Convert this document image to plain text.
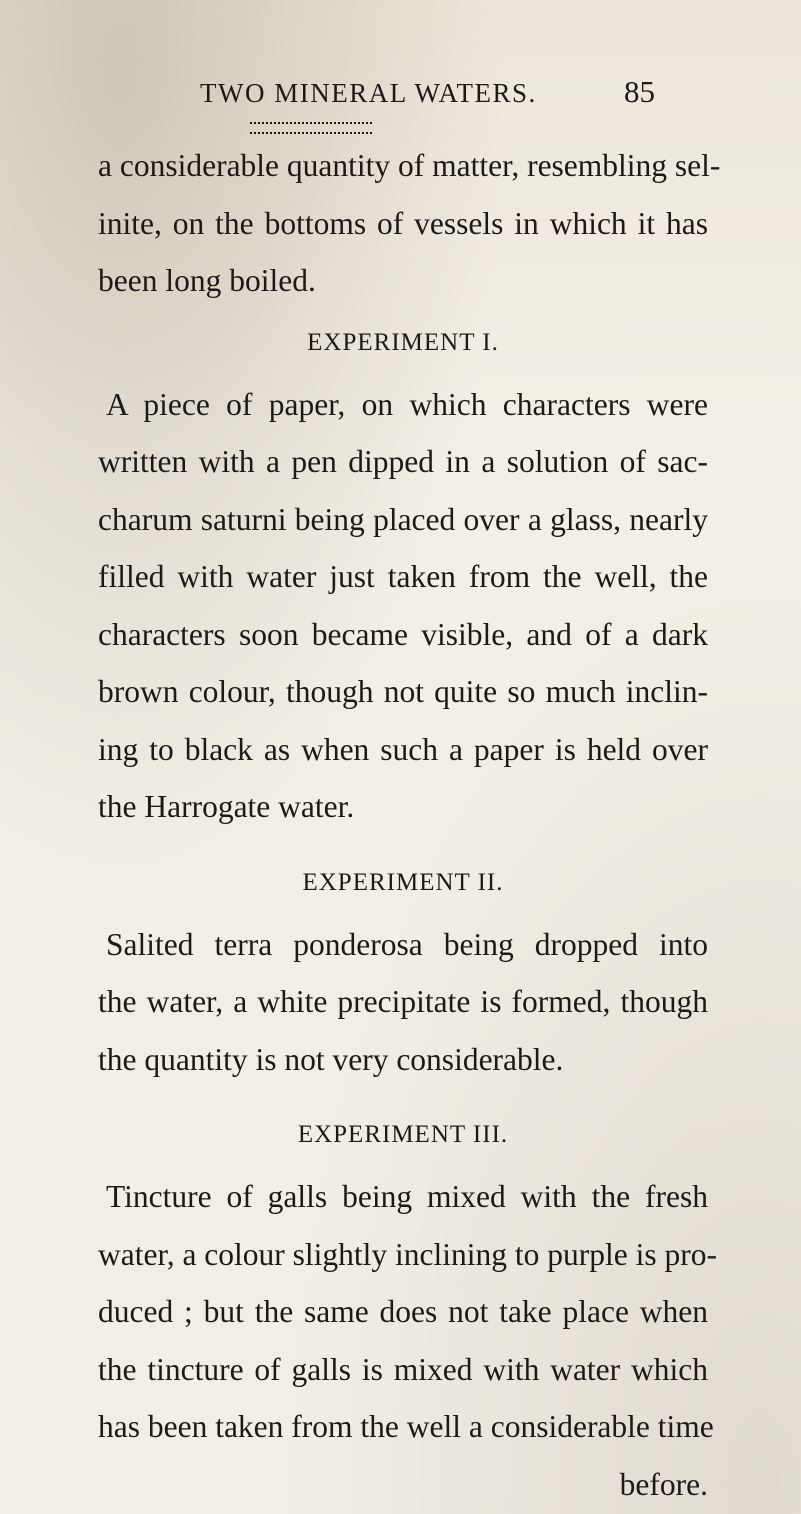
TWO MINERAL WATERS.	85
a considerable quantity of matter, resembling sel-
inite, on the bottoms of vessels in which it has
been long boiled.
EXPERIMENT I.
A piece of paper, on which characters were
written with a pen dipped in a solution of sac-
charum saturni being placed over a glass, nearly
filled with water just taken from the well, the
characters soon became visible, and of a dark
brown colour, though not quite so much inclin-
ing to black as when such a paper is held over
the Harrogate water.
EXPERIMENT II.
Salited terra ponderosa being dropped into
the water, a white precipitate is formed, though
the quantity is not very considerable.
EXPERIMENT III.
Tincture of galls being mixed with the fresh
water, a colour slightly inclining to purple is pro-
duced ; but the same does not take place when
the tincture of galls is mixed with water which
has been taken from the well a considerable time
before.
